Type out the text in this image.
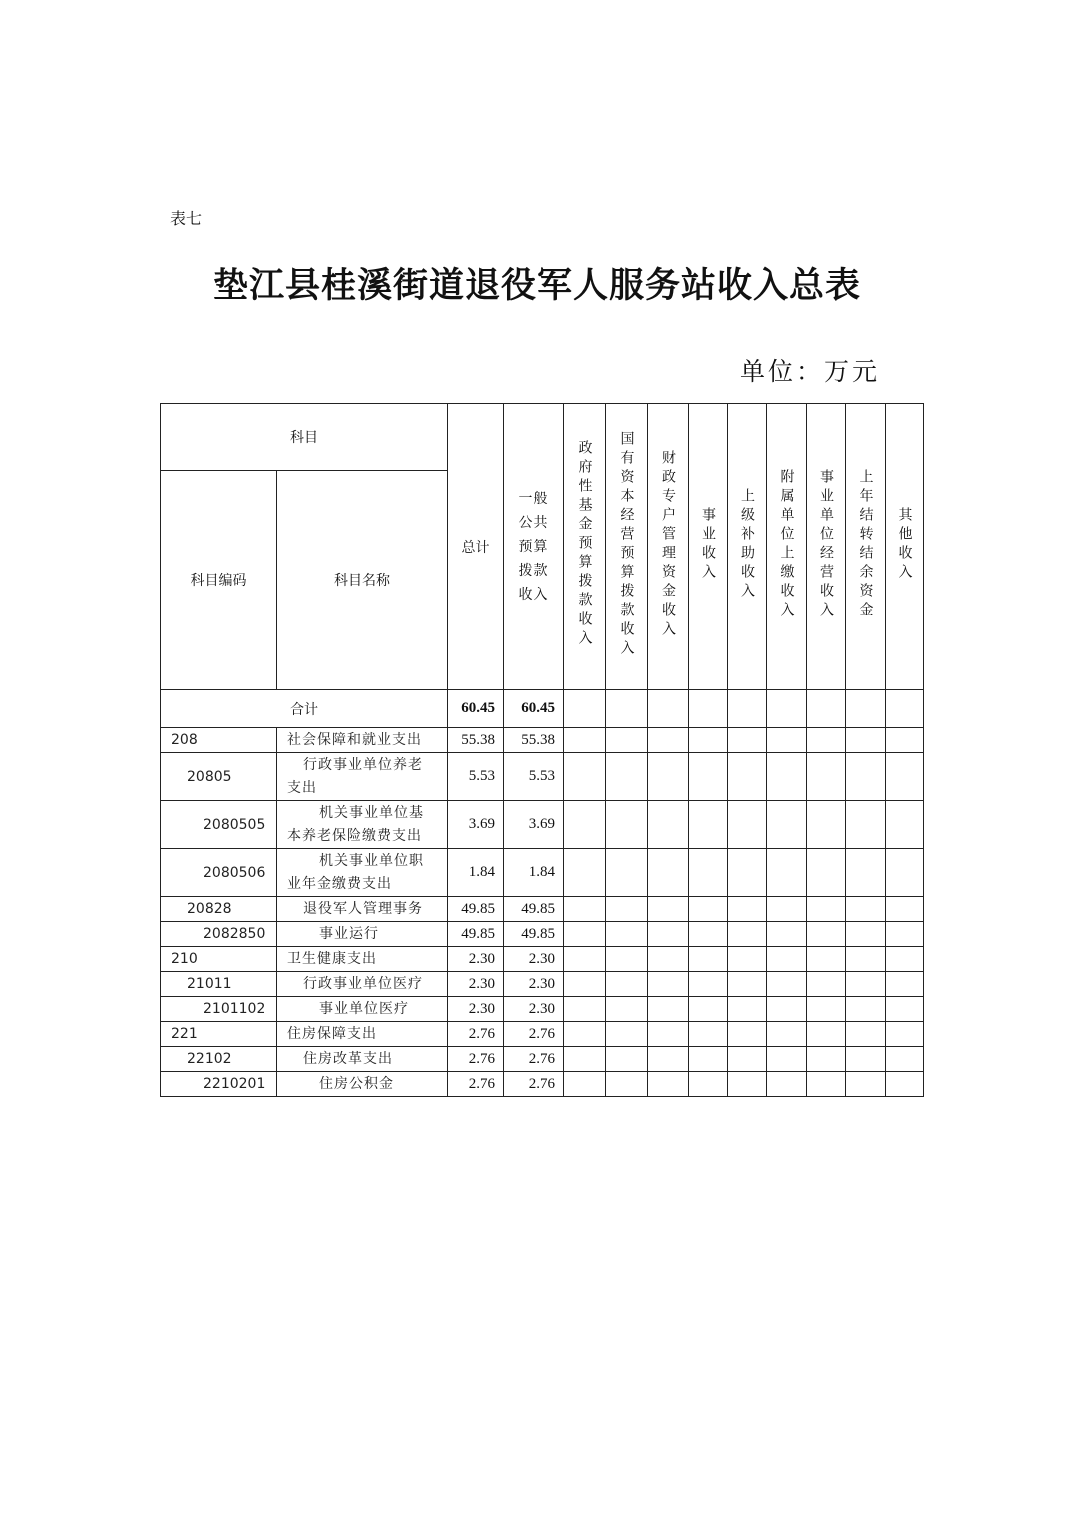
表七
垫江县桂溪街道退役军人服务站收入总表
单位：万元
科目		总计	一般公共预算拨款收入	政府性基金预算拨款收入	国有资本经营预算拨款收入	财政专户管理资金收入	事业收入	上级补助收入	附属单位上缴收入	事业单位经营收入	上年结转结余资金	其他收入
科目编码	科目名称											
合计		60.45	60.45									
208	社会保障和就业支出	55.38	55.38									
20805	行政事业单位养老支出	5.53	5.53									
2080505	机关事业单位基本养老保险缴费支出	3.69	3.69									
2080506	机关事业单位职业年金缴费支出	1.84	1.84									
20828	退役军人管理事务	49.85	49.85									
2082850	事业运行	49.85	49.85									
210	卫生健康支出	2.30	2.30									
21011	行政事业单位医疗	2.30	2.30									
2101102	事业单位医疗	2.30	2.30									
221	住房保障支出	2.76	2.76									
22102	住房改革支出	2.76	2.76									
2210201	住房公积金	2.76	2.76									
